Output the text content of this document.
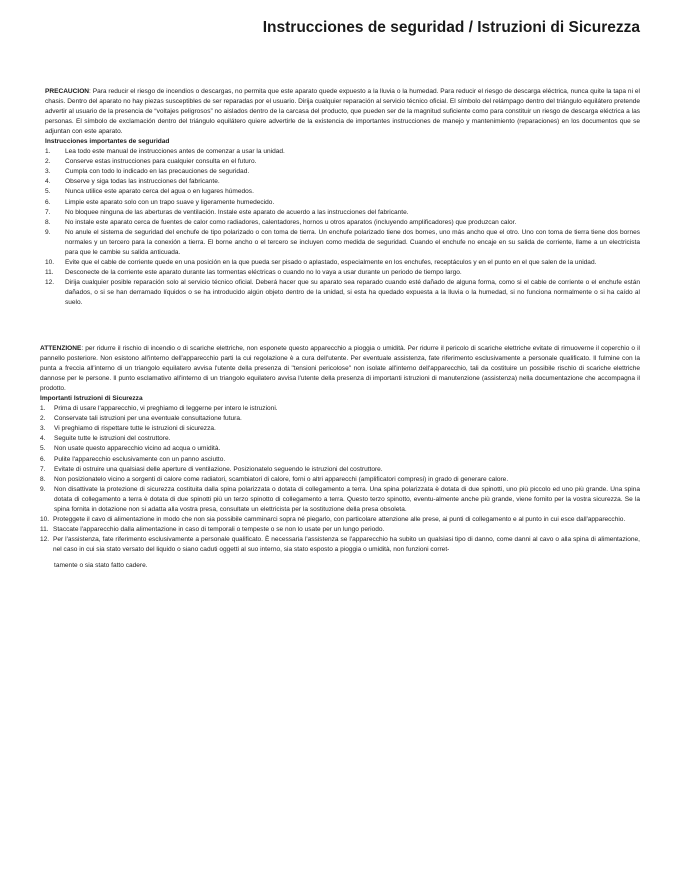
Instrucciones de seguridad / Istruzioni di Sicurezza

PRECAUCION: Para reducir el riesgo de incendios o descargas, no permita que este aparato quede expuesto a la lluvia o la humedad. Para reducir el riesgo de descarga eléctrica, nunca quite la tapa ni el chasis. Dentro del aparato no hay piezas susceptibles de ser reparadas por el usuario. Dirija cualquier reparación al servicio técnico oficial. El símbolo del relámpago dentro del triángulo equilátero pretende advertir al usuario de la presencia de “voltajes peligrosos” no aislados dentro de la carcasa del producto, que pueden ser de la magnitud suficiente como para constituir un riesgo de descarga eléctrica a las personas. El símbolo de exclamación dentro del triángulo equilátero quiere advertirle de la existencia de importantes instrucciones de manejo y mantenimiento (reparaciones) en los documentos que se adjuntan con este aparato.

Instrucciones importantes de seguridad

1.	Lea todo este manual de instrucciones antes de comenzar a usar la unidad.
2.	Conserve estas instrucciones para cualquier consulta en el futuro.
3.	Cumpla con todo lo indicado en las precauciones de seguridad.
4.	Observe y siga todas las instrucciones del fabricante.
5.	Nunca utilice este aparato cerca del agua o en lugares húmedos.
6.	Limpie este aparato solo con un trapo suave y ligeramente humedecido.
7.	No bloquee ninguna de las aberturas de ventilación. Instale este aparato de acuerdo a las instrucciones del fabricante.
8.	No instale este aparato cerca de fuentes de calor como radiadores, calentadores, hornos u otros aparatos (incluyendo amplificadores) que produzcan calor.
9.	No anule el sistema de seguridad del enchufe de tipo polarizado o con toma de tierra. Un enchufe polarizado tiene dos bornes, uno más ancho que el otro. Uno con toma de tierra tiene dos bornes normales y un tercero para la conexión a tierra. El borne ancho o el tercero se incluyen como medida de seguridad. Cuando el enchufe no encaje en su salida de corriente, llame a un electricista para que le cambie su salida anticuada.
10.	Evite que el cable de corriente quede en una posición en la que pueda ser pisado o aplastado, especialmente en los enchufes, receptáculos y en el punto en el que salen de la unidad.
11.	Desconecte de la corriente este aparato durante las tormentas eléctricas o cuando no lo vaya a usar durante un periodo de tiempo largo.
12.	Dirija cualquier posible reparación solo al servicio técnico oficial. Deberá hacer que su aparato sea reparado cuando esté dañado de alguna forma, como si el cable de corriente o el enchufe están dañados, o si se han derramado líquidos o se ha introducido algún objeto dentro de la unidad, si esta ha quedado expuesta a la lluvia o la humedad, si no funciona normalmente o si ha caído al suelo.

ATTENZIONE: per ridurre il rischio di incendio o di scariche elettriche, non esponete questo apparecchio a pioggia o umidità. Per ridurre il pericolo di scariche elettriche evitate di rimuoverne il coperchio o il pannello posteriore. Non esistono all'interno dell'apparecchio parti la cui regolazione è a cura dell'utente. Per eventuale assistenza, fate riferimento esclusivamente a personale qualificato. Il fulmine con la punta a freccia all'interno di un triangolo equilatero avvisa l'utente della presenza di "tensioni pericolose" non isolate all'interno dell'apparecchio, tali da costituire un possibile rischio di scariche elettriche dannose per le persone. Il punto esclamativo all'interno di un triangolo equilatero avvisa l'utente della presenza di importanti istruzioni di manutenzione (assistenza) nella documentazione che accompagna il prodotto.

Importanti Istruzioni di Sicurezza

1.	Prima di usare l'apparecchio, vi preghiamo di leggerne per intero le istruzioni.
2.	Conservate tali istruzioni per una eventuale consultazione futura.
3.	Vi preghiamo di rispettare tutte le istruzioni di sicurezza.
4.	Seguite tutte le istruzioni del costruttore.
5.	Non usate questo apparecchio vicino ad acqua o umidità.
6.	Pulite l'apparecchio esclusivamente con un panno asciutto.
7.	Evitate di ostruire una qualsiasi delle aperture di ventilazione. Posizionatelo seguendo le istruzioni del costruttore.
8.	Non posizionatelo vicino a sorgenti di calore come radiatori, scambiatori di calore, forni o altri apparecchi (amplificatori compresi) in grado di generare calore.
9.	Non disattivate la protezione di sicurezza costituita dalla spina polarizzata o dotata di collegamento a terra. Una spina polarizzata è dotata di due spinotti, uno più piccolo ed uno più grande. Una spina dotata di collegamento a terra è dotata di due spinotti più un terzo spinotto di collegamento a terra. Questo terzo spinotto, eventu-almente anche più grande, viene fornito per la vostra sicurezza. Se la spina fornita in dotazione non si adatta alla vostra presa, consultate un elettricista per la sostituzione della presa obsoleta.
10. Proteggete il cavo di alimentazione in modo che non sia possibile camminarci sopra né piegarlo, con particolare attenzione alle prese, ai punti di collegamento e al punto in cui esce dall'apparecchio.
11. Staccate l'apparecchio dalla alimentazione in caso di temporali o tempeste o se non lo usate per un lungo periodo.
12. Per l'assistenza, fate riferimento esclusivamente a personale qualificato. È necessaria l'assistenza se l'apparecchio ha subito un qualsiasi tipo di danno, come danni al cavo o alla spina di alimentazione, nel caso in cui sia stato versato del liquido o siano caduti oggetti al suo interno, sia stato esposto a pioggia o umidità, non funzioni corret-

tamente o sia stato fatto cadere.
